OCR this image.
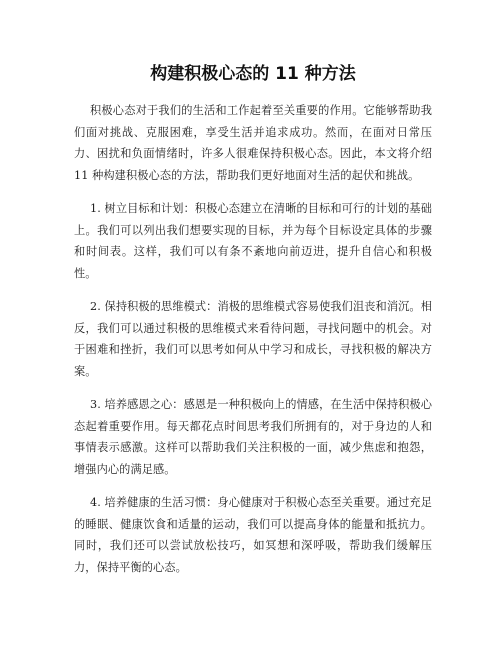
构建积极心态的 11 种方法

积极心态对于我们的生活和工作起着至关重要的作用。它能够帮助我们面对挑战、克服困难，享受生活并追求成功。然而，在面对日常压力、困扰和负面情绪时，许多人很难保持积极心态。因此，本文将介绍 11 种构建积极心态的方法，帮助我们更好地面对生活的起伏和挑战。

1. 树立目标和计划：积极心态建立在清晰的目标和可行的计划的基础上。我们可以列出我们想要实现的目标，并为每个目标设定具体的步骤和时间表。这样，我们可以有条不紊地向前迈进，提升自信心和积极性。

2. 保持积极的思维模式：消极的思维模式容易使我们沮丧和消沉。相反，我们可以通过积极的思维模式来看待问题，寻找问题中的机会。对于困难和挫折，我们可以思考如何从中学习和成长，寻找积极的解决方案。

3. 培养感恩之心：感恩是一种积极向上的情感，在生活中保持积极心态起着重要作用。每天都花点时间思考我们所拥有的，对于身边的人和事情表示感激。这样可以帮助我们关注积极的一面，减少焦虑和抱怨，增强内心的满足感。

4. 培养健康的生活习惯：身心健康对于积极心态至关重要。通过充足的睡眠、健康饮食和适量的运动，我们可以提高身体的能量和抵抗力。同时，我们还可以尝试放松技巧，如冥想和深呼吸，帮助我们缓解压力，保持平衡的心态。
